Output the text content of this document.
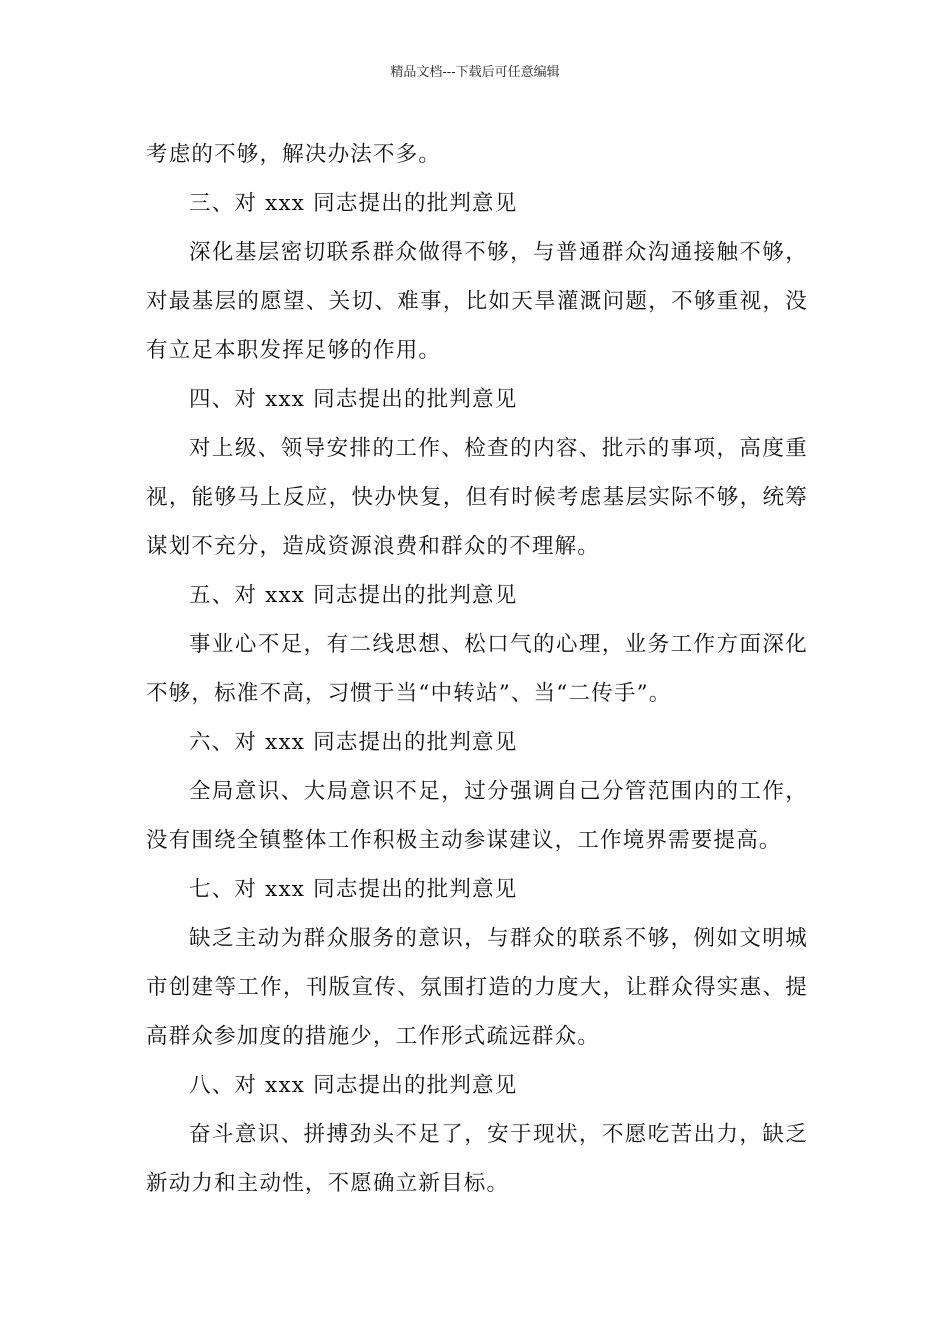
精品文档---下载后可任意编辑

考虑的不够，解决办法不多。

三、对 xxx 同志提出的批判意见

深化基层密切联系群众做得不够，与普通群众沟通接触不够，对最基层的愿望、关切、难事，比如天旱灌溉问题，不够重视，没有立足本职发挥足够的作用。

四、对 xxx 同志提出的批判意见

对上级、领导安排的工作、检查的内容、批示的事项，高度重视，能够马上反应，快办快复，但有时候考虑基层实际不够，统筹谋划不充分，造成资源浪费和群众的不理解。

五、对 xxx 同志提出的批判意见

事业心不足，有二线思想、松口气的心理，业务工作方面深化不够，标准不高，习惯于当“中转站”、当“二传手”。

六、对 xxx 同志提出的批判意见

全局意识、大局意识不足，过分强调自己分管范围内的工作，没有围绕全镇整体工作积极主动参谋建议，工作境界需要提高。

七、对 xxx 同志提出的批判意见

缺乏主动为群众服务的意识，与群众的联系不够，例如文明城市创建等工作，刊版宣传、氛围打造的力度大，让群众得实惠、提高群众参加度的措施少，工作形式疏远群众。

八、对 xxx 同志提出的批判意见

奋斗意识、拼搏劲头不足了，安于现状，不愿吃苦出力，缺乏新动力和主动性，不愿确立新目标。
